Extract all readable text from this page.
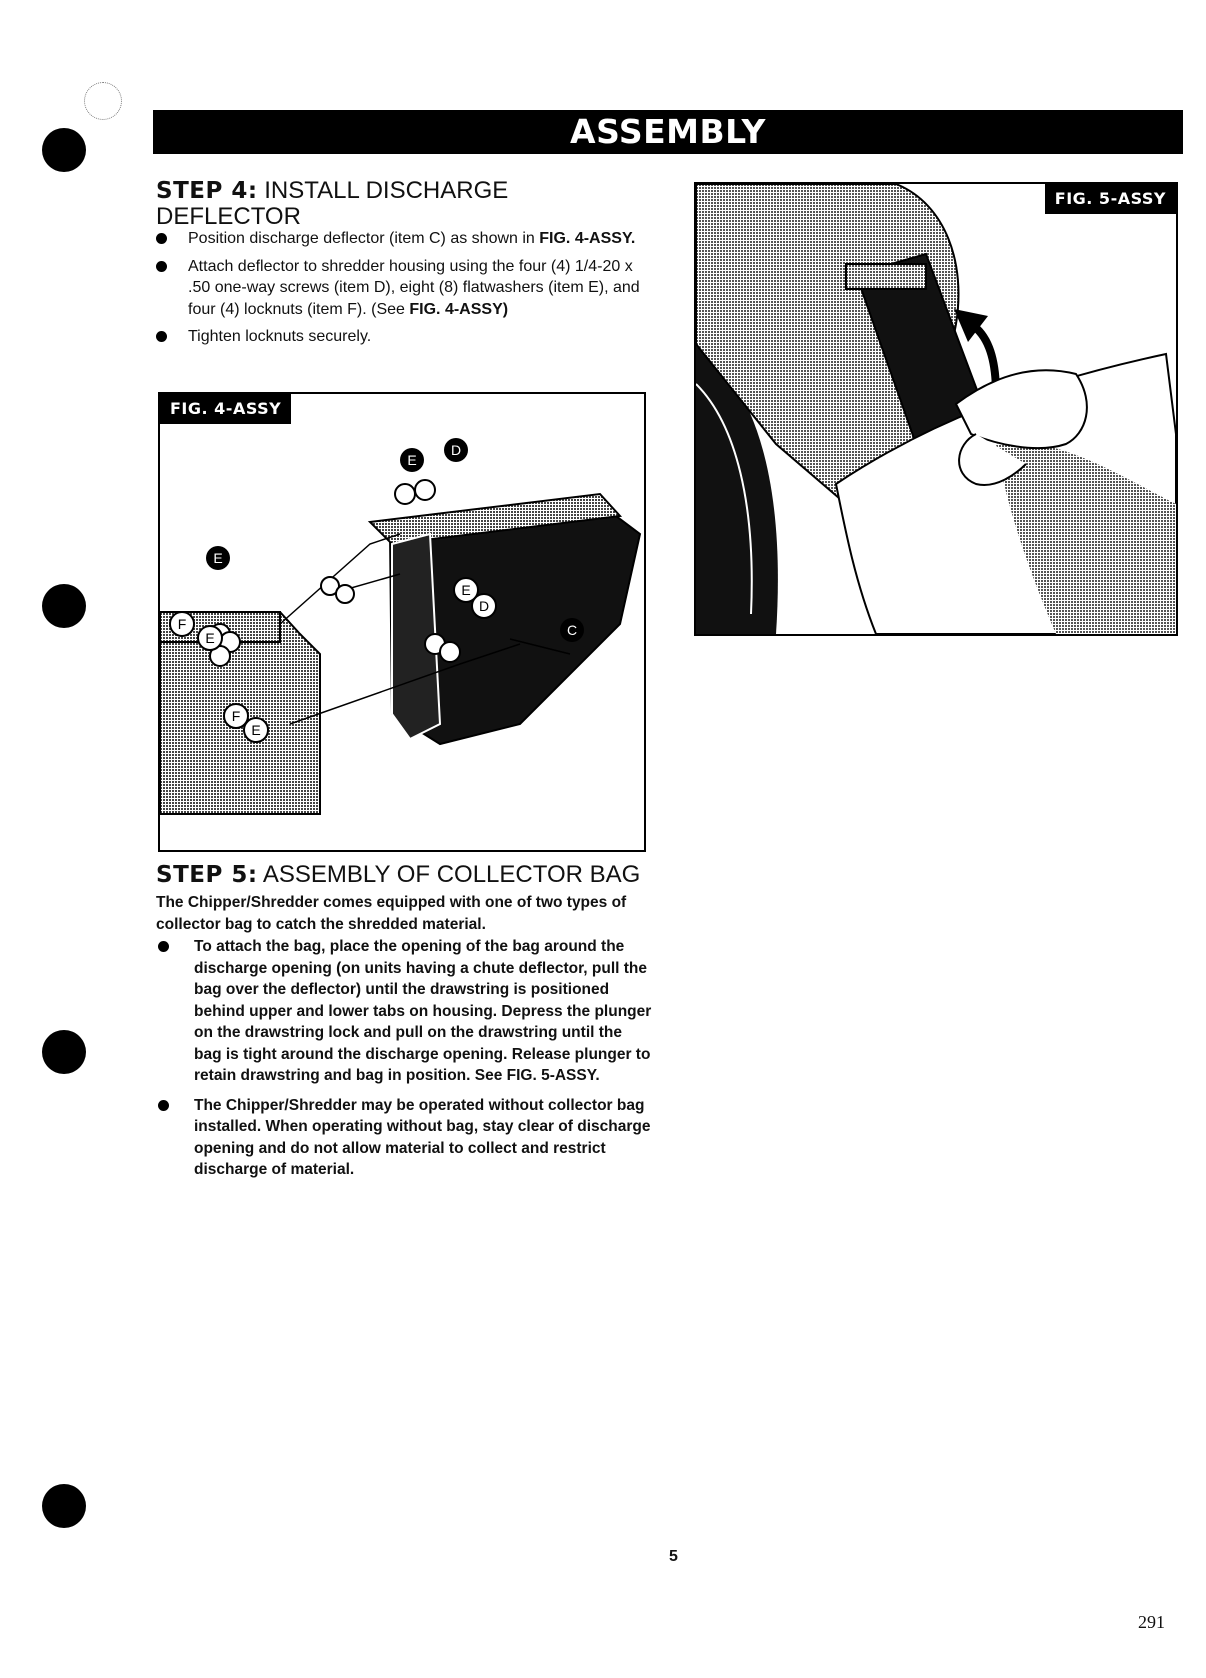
ASSEMBLY
STEP 4: INSTALL DISCHARGE
DEFLECTOR
Position discharge deflector (item C) as shown in FIG. 4-ASSY.
Attach deflector to shredder housing using the four (4) 1/4-20 x .50 one-way screws (item D), eight (8) flatwashers (item E), and four (4) locknuts (item F). (See FIG. 4-ASSY)
Tighten locknuts securely.
D
E
E
E
D
C
F
E
F
E
FIG. 4-ASSY
FIG. 5-ASSY
STEP 5: ASSEMBLY OF COLLECTOR BAG
The Chipper/Shredder comes equipped with one of two types of collector bag to catch the shredded material.
To attach the bag, place the opening of the bag around the discharge opening (on units having a chute deflector, pull the bag over the deflector) until the drawstring is positioned behind upper and lower tabs on housing. Depress the plunger on the drawstring lock and pull on the drawstring until the bag is tight around the discharge opening. Release plunger to retain drawstring and bag in position. See FIG. 5-ASSY.
The Chipper/Shredder may be operated without collector bag installed. When operating without bag, stay clear of discharge opening and do not allow material to collect and restrict discharge of material.
5
291
